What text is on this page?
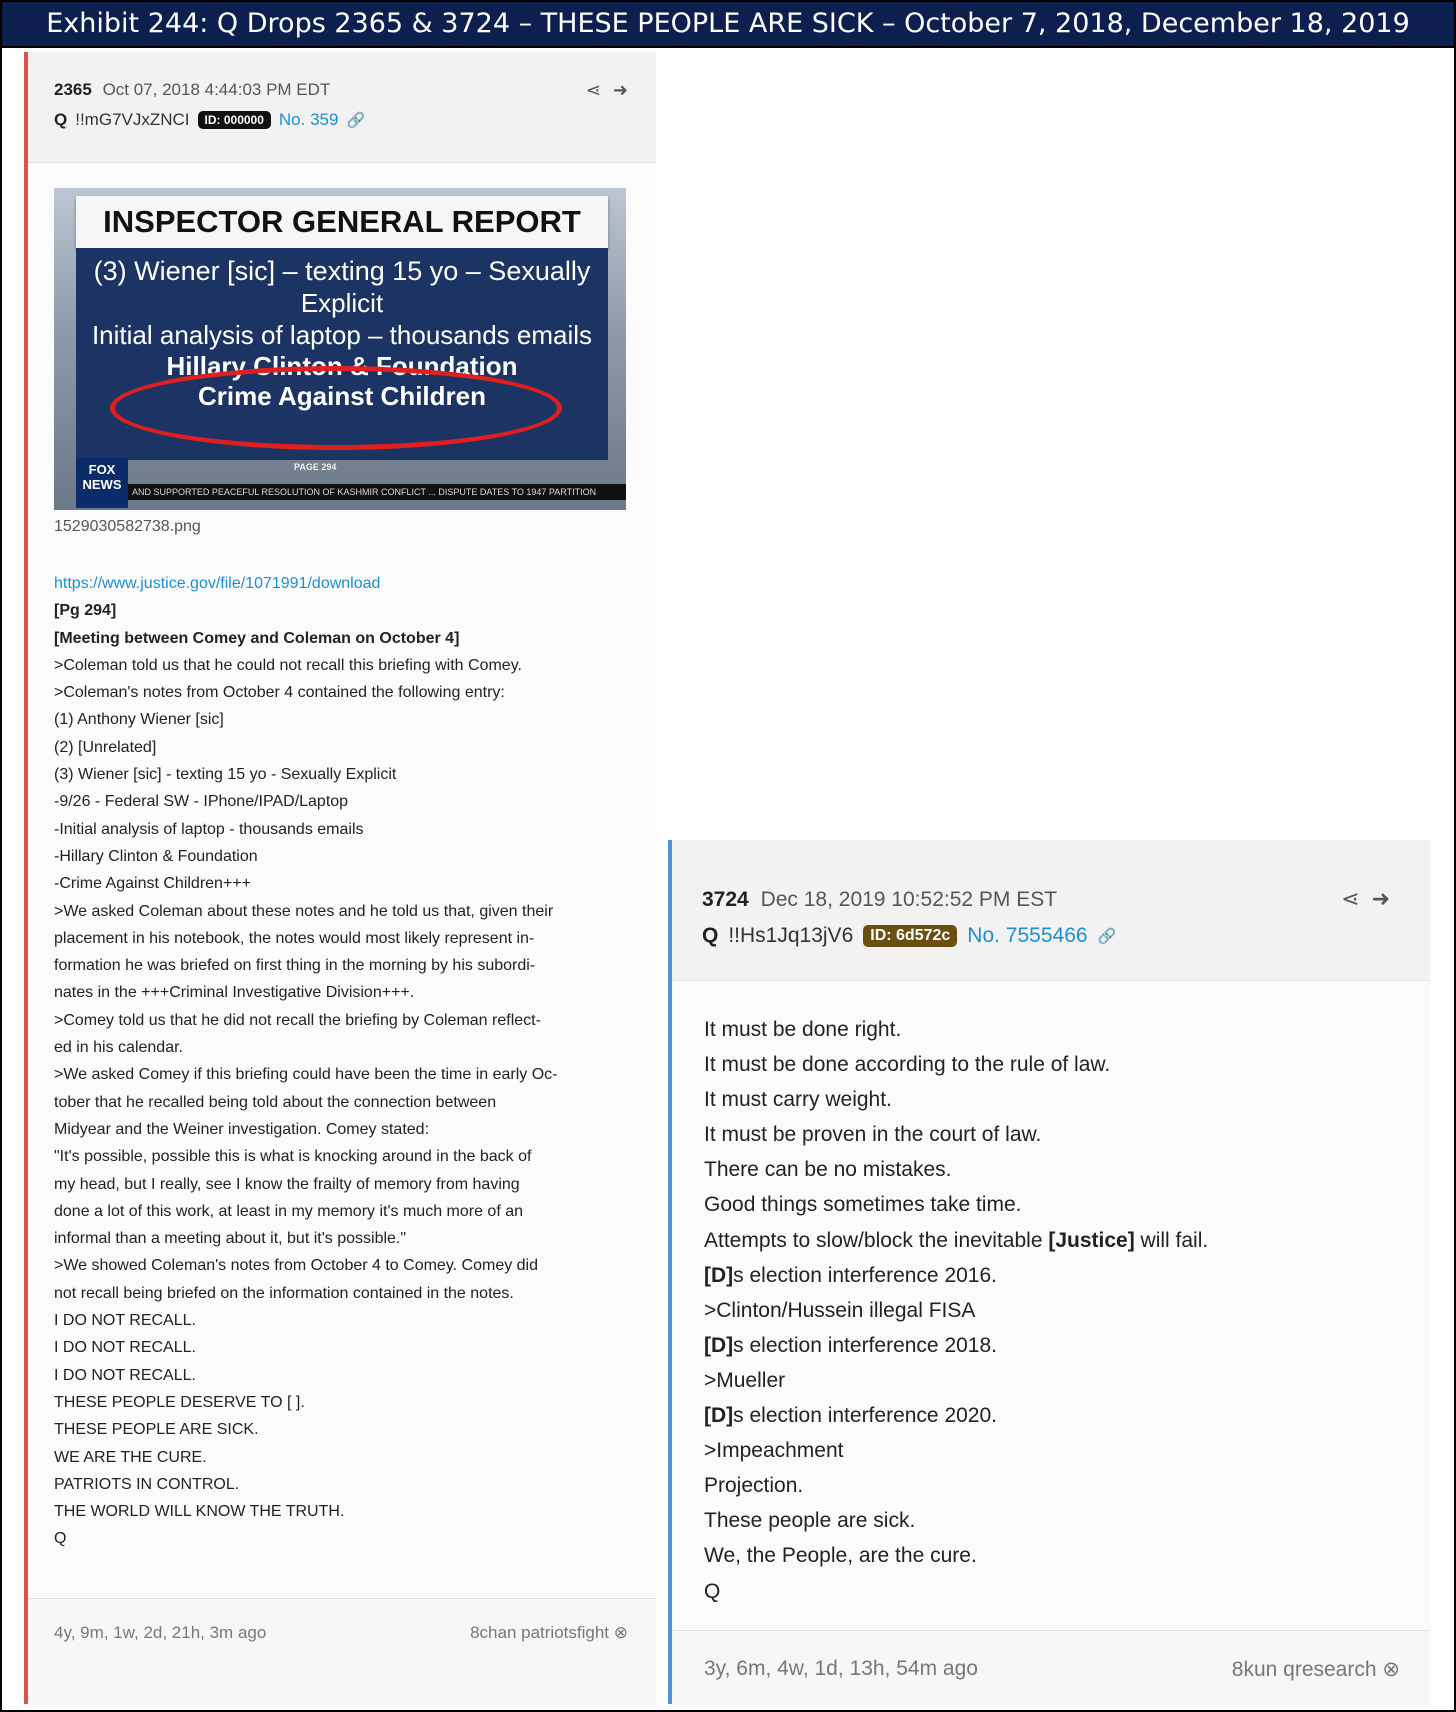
Exhibit 244: Q Drops 2365 & 3724 – THESE PEOPLE ARE SICK – October 7, 2018, December 18, 2019
2365 Oct 07, 2018 4:44:03 PM EDT
Q !!mG7VJxZNCI	ID: 000000 No. 359 🔗
⋖ ➜
INSPECTOR GENERAL REPORT
(3) Wiener [sic] – texting 15 yo – Sexually
Explicit
Initial analysis of laptop – thousands emails
Hillary Clinton & Foundation
Crime Against Children
PAGE 294
FOX NEWS	AND SUPPORTED PEACEFUL RESOLUTION OF KASHMIR CONFLICT ... DISPUTE DATES TO 1947 PARTITION
1529030582738.png
https://www.justice.gov/file/1071991/download
[Pg 294]
[Meeting between Comey and Coleman on October 4]
>Coleman told us that he could not recall this briefing with Comey.
>Coleman's notes from October 4 contained the following entry:
(1) Anthony Wiener [sic]
(2) [Unrelated]
(3) Wiener [sic] - texting 15 yo - Sexually Explicit
-9/26 - Federal SW - IPhone/IPAD/Laptop
-Initial analysis of laptop - thousands emails
-Hillary Clinton & Foundation
-Crime Against Children+++
>We asked Coleman about these notes and he told us that, given their
placement in his notebook, the notes would most likely represent in-
formation he was briefed on first thing in the morning by his subordi-
nates in the +++Criminal Investigative Division+++.
>Comey told us that he did not recall the briefing by Coleman reflect-
ed in his calendar.
>We asked Comey if this briefing could have been the time in early Oc-
tober that he recalled being told about the connection between
Midyear and the Weiner investigation. Comey stated:
"It's possible, possible this is what is knocking around in the back of
my head, but I really, see I know the frailty of memory from having
done a lot of this work, at least in my memory it's much more of an
informal than a meeting about it, but it's possible."
>We showed Coleman's notes from October 4 to Comey. Comey did
not recall being briefed on the information contained in the notes.
I DO NOT RECALL.
I DO NOT RECALL.
I DO NOT RECALL.
THESE PEOPLE DESERVE TO [ ].
THESE PEOPLE ARE SICK.
WE ARE THE CURE.
PATRIOTS IN CONTROL.
THE WORLD WILL KNOW THE TRUTH.
Q
4y, 9m, 1w, 2d, 21h, 3m ago	8chan patriotsfight ⊗
3724 Dec 18, 2019 10:52:52 PM EST
Q !!Hs1Jq13jV6	ID: 6d572c No. 7555466 🔗
⋖ ➜
It must be done right.
It must be done according to the rule of law.
It must carry weight.
It must be proven in the court of law.
There can be no mistakes.
Good things sometimes take time.
Attempts to slow/block the inevitable [Justice] will fail.
[D]s election interference 2016.
>Clinton/Hussein illegal FISA
[D]s election interference 2018.
>Mueller
[D]s election interference 2020.
>Impeachment
Projection.
These people are sick.
We, the People, are the cure.
Q
3y, 6m, 4w, 1d, 13h, 54m ago	8kun qresearch ⊗
